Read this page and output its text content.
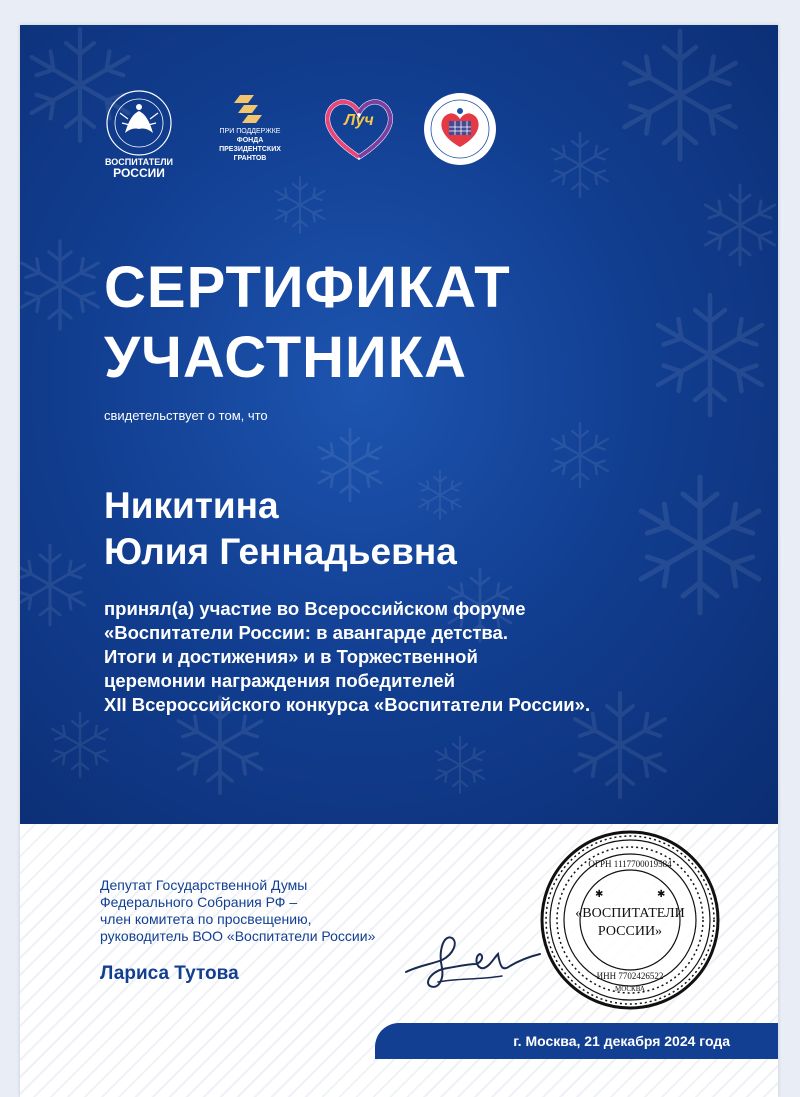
ВОСПИТАТЕЛИ
РОССИИ
ПРИ ПОДДЕРЖКЕ
ФОНДА
ПРЕЗИДЕНТСКИХ
ГРАНТОВ
Луч
СЕРТИФИКАТ
УЧАСТНИКА
свидетельствует о том, что
Никитина
Юлия Геннадьевна
принял(а) участие во Всероссийском форуме
«Воспитатели России: в авангарде детства.
Итоги и достижения» и в Торжественной
церемонии награждения победителей
XII Всероссийского конкурса «Воспитатели России».
Депутат Государственной Думы
Федерального Собрания РФ –
член комитета по просвещению,
руководитель ВОО «Воспитатели России»
Лариса Тутова
ОГРН 1117700019584
«ВОСПИТАТЕЛИ
РОССИИ»
ИНН 7702426522
МОСКВА
✱	✱
г. Москва, 21 декабря 2024 года
